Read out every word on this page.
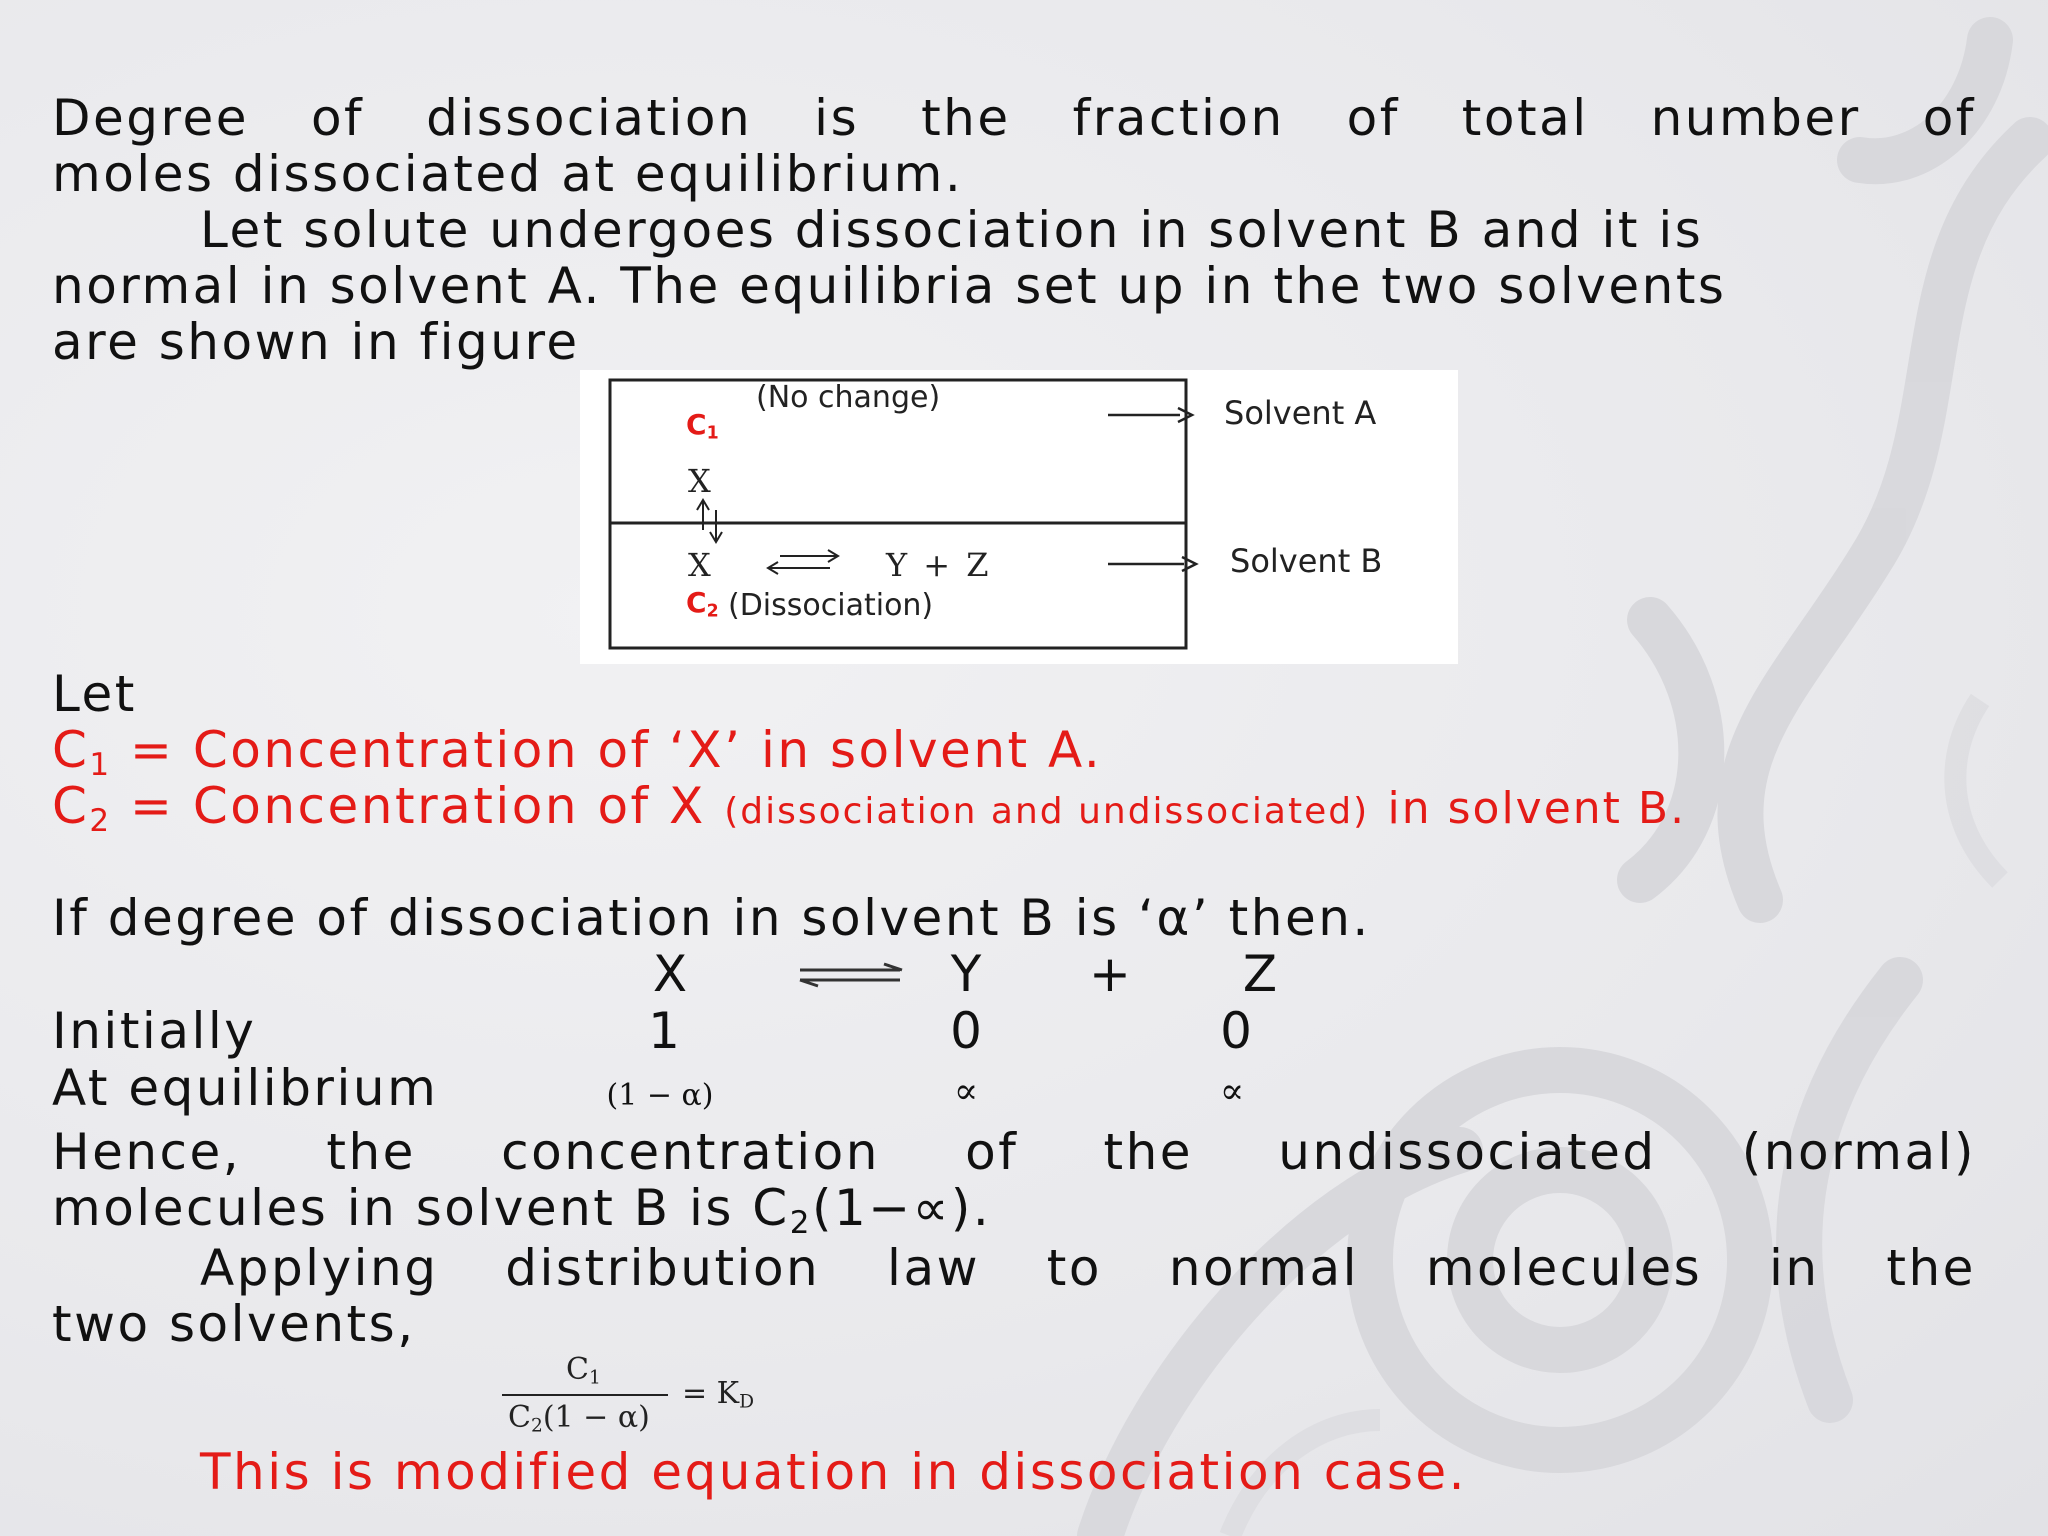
Degree of dissociation is the fraction of total number of
moles dissociated at equilibrium.
Let solute undergoes dissociation in solvent B and it is
normal in solvent A. The equilibria set up in the two solvents
are shown in figure
(No change)
$C_1$
X
X	Y + Z
$C_2$ (Dissociation)
Solvent A
Solvent B
Let
$C_1$ = Concentration of ‘X’ in solvent A.
$C_2$ = Concentration of X (dissociation and undissociated) in solvent B.
If degree of dissociation in solvent B is ‘α’ then.
X	Y	+	Z
Initially	1	0	0
At equilibrium	(1 − α)	∝	∝
Hence, the concentration of the undissociated (normal)
molecules in solvent B is $C_2(1-\propto)$.
Applying distribution law to normal molecules in the
two solvents,
$C_1$
$C_2(1 - \alpha)$
= $K_D$
This is modified equation in dissociation case.
